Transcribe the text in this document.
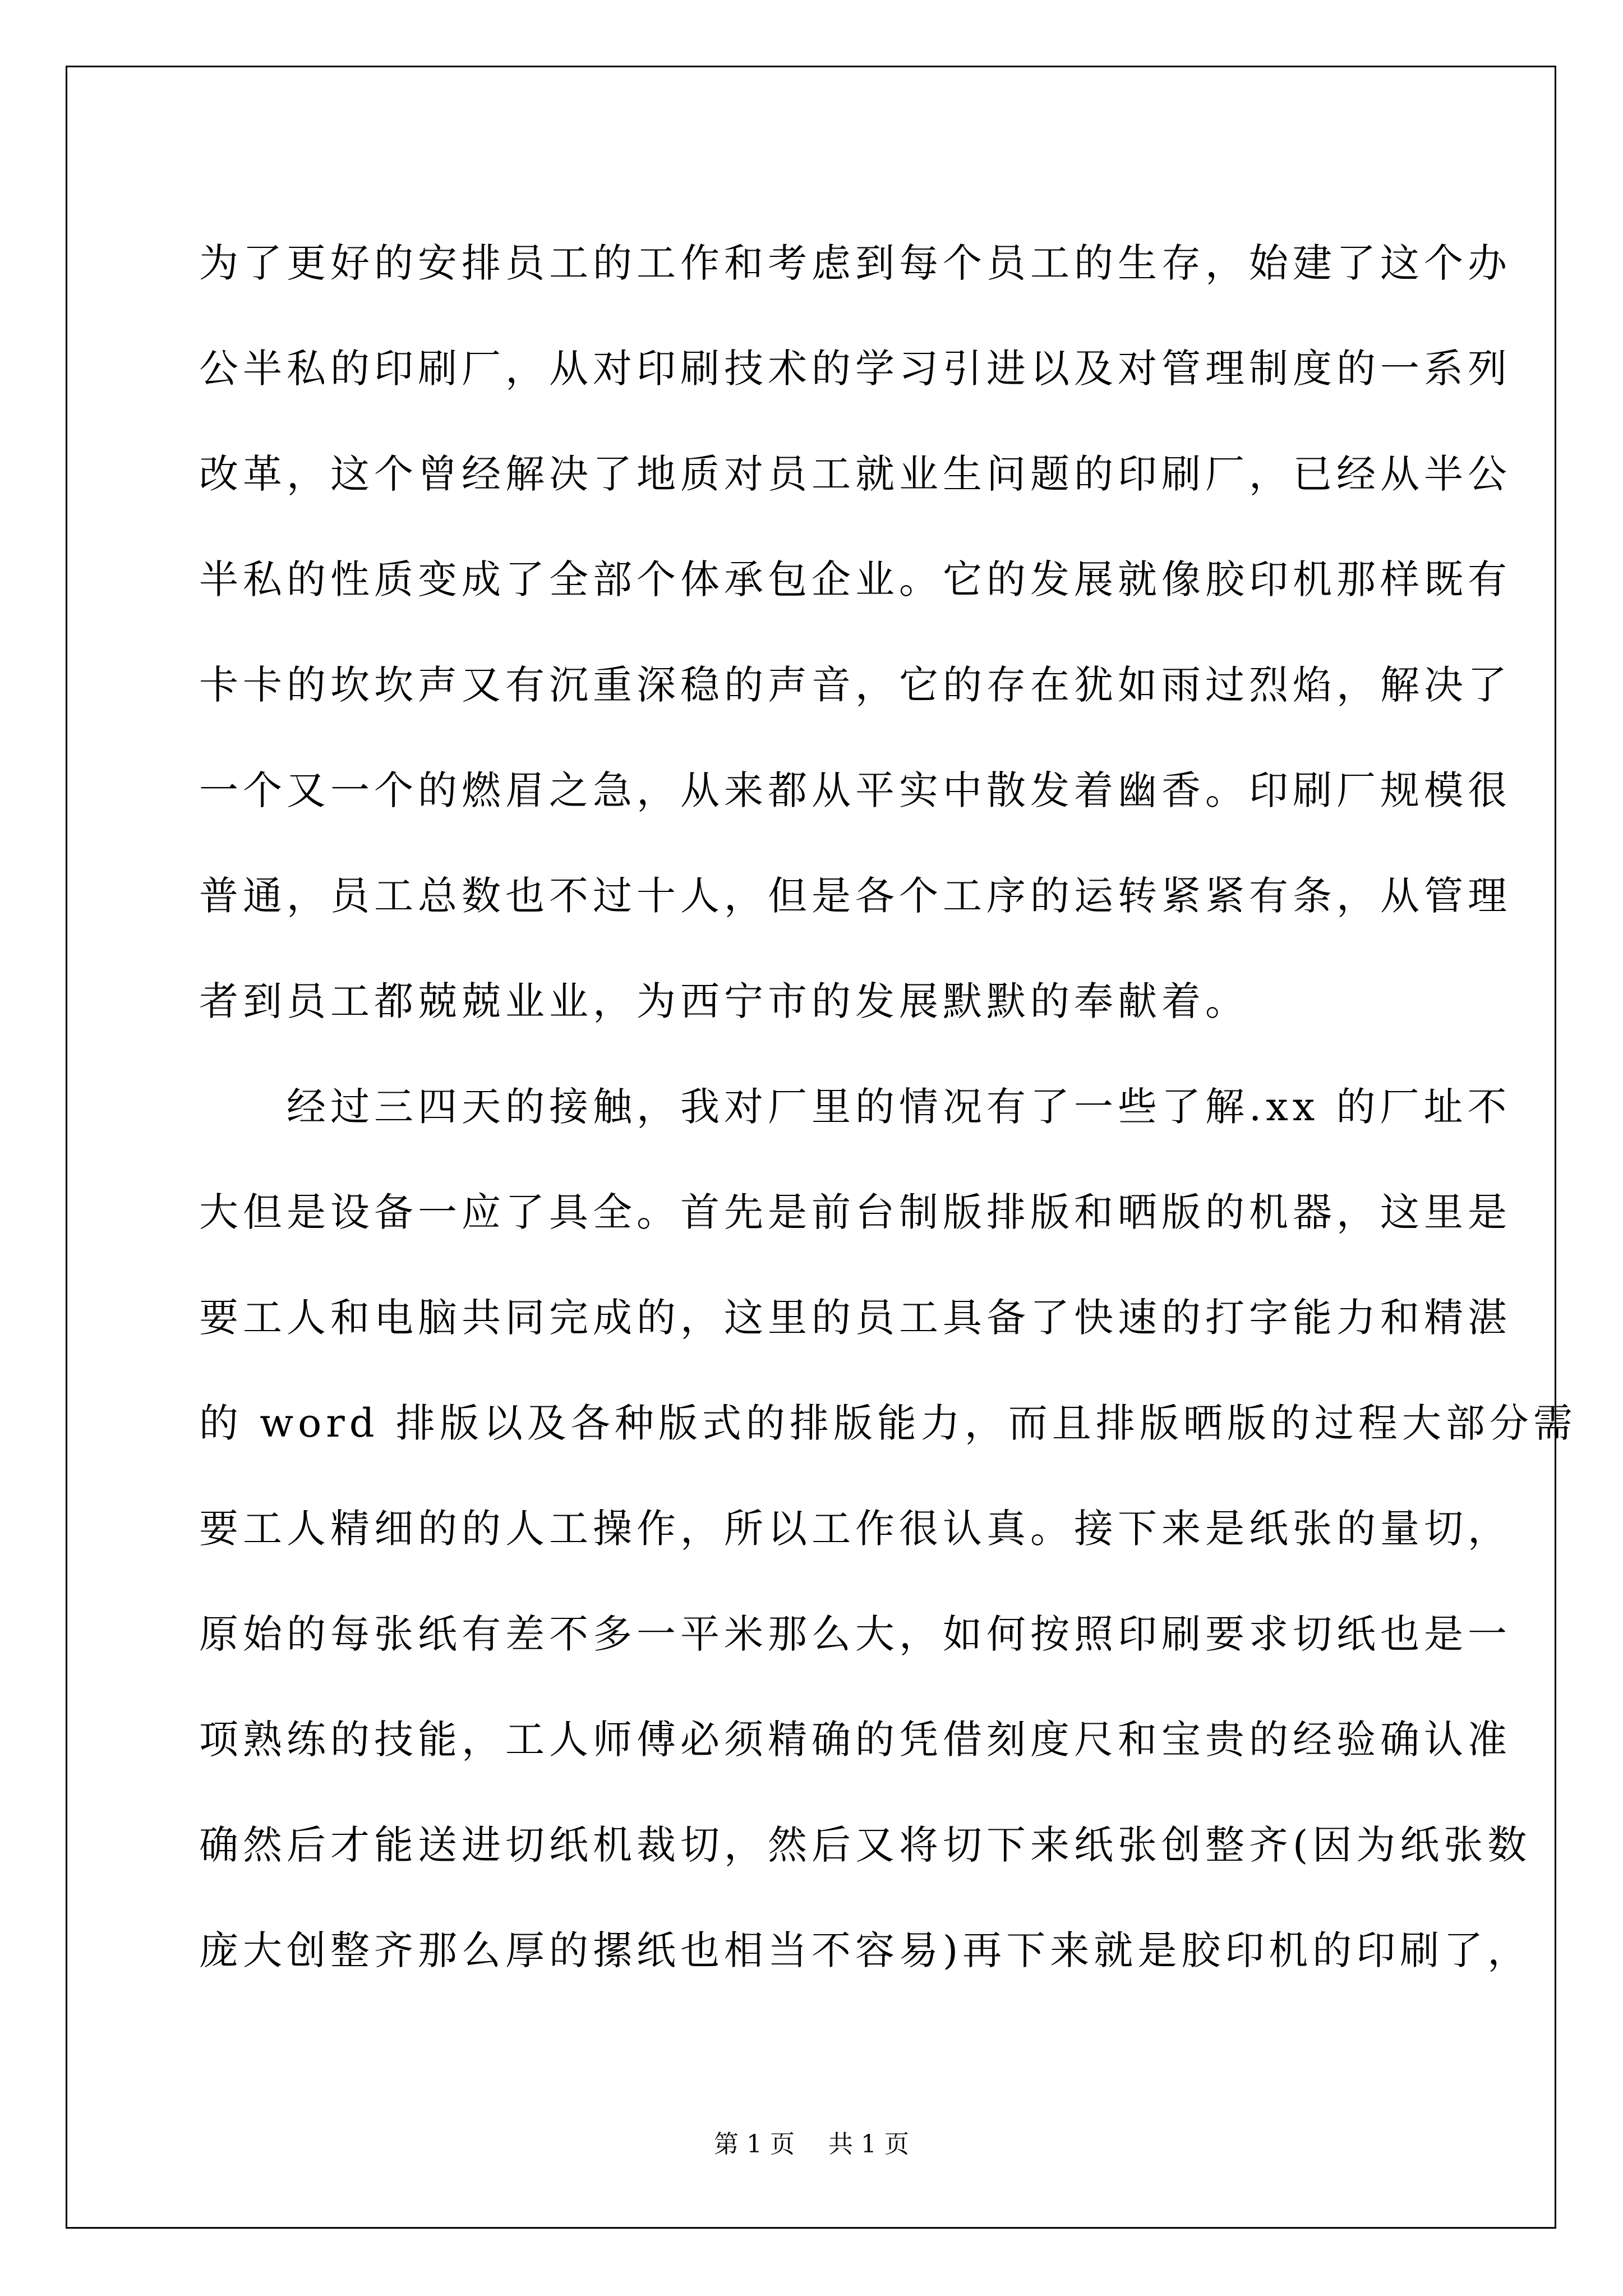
为了更好的安排员工的工作和考虑到每个员工的生存，始建了这个办
公半私的印刷厂，从对印刷技术的学习引进以及对管理制度的一系列
改革，这个曾经解决了地质对员工就业生问题的印刷厂，已经从半公
半私的性质变成了全部个体承包企业。它的发展就像胶印机那样既有
卡卡的坎坎声又有沉重深稳的声音，它的存在犹如雨过烈焰，解决了
一个又一个的燃眉之急，从来都从平实中散发着幽香。印刷厂规模很
普通，员工总数也不过十人，但是各个工序的运转紧紧有条，从管理
者到员工都兢兢业业，为西宁市的发展默默的奉献着。
　　经过三四天的接触，我对厂里的情况有了一些了解.xx 的厂址不
大但是设备一应了具全。首先是前台制版排版和晒版的机器，这里是
要工人和电脑共同完成的，这里的员工具备了快速的打字能力和精湛
的 word 排版以及各种版式的排版能力，而且排版晒版的过程大部分需
要工人精细的的人工操作，所以工作很认真。接下来是纸张的量切，
原始的每张纸有差不多一平米那么大，如何按照印刷要求切纸也是一
项熟练的技能，工人师傅必须精确的凭借刻度尺和宝贵的经验确认准
确然后才能送进切纸机裁切，然后又将切下来纸张创整齐(因为纸张数
庞大创整齐那么厚的摞纸也相当不容易)再下来就是胶印机的印刷了，
第 1 页 共 1 页
